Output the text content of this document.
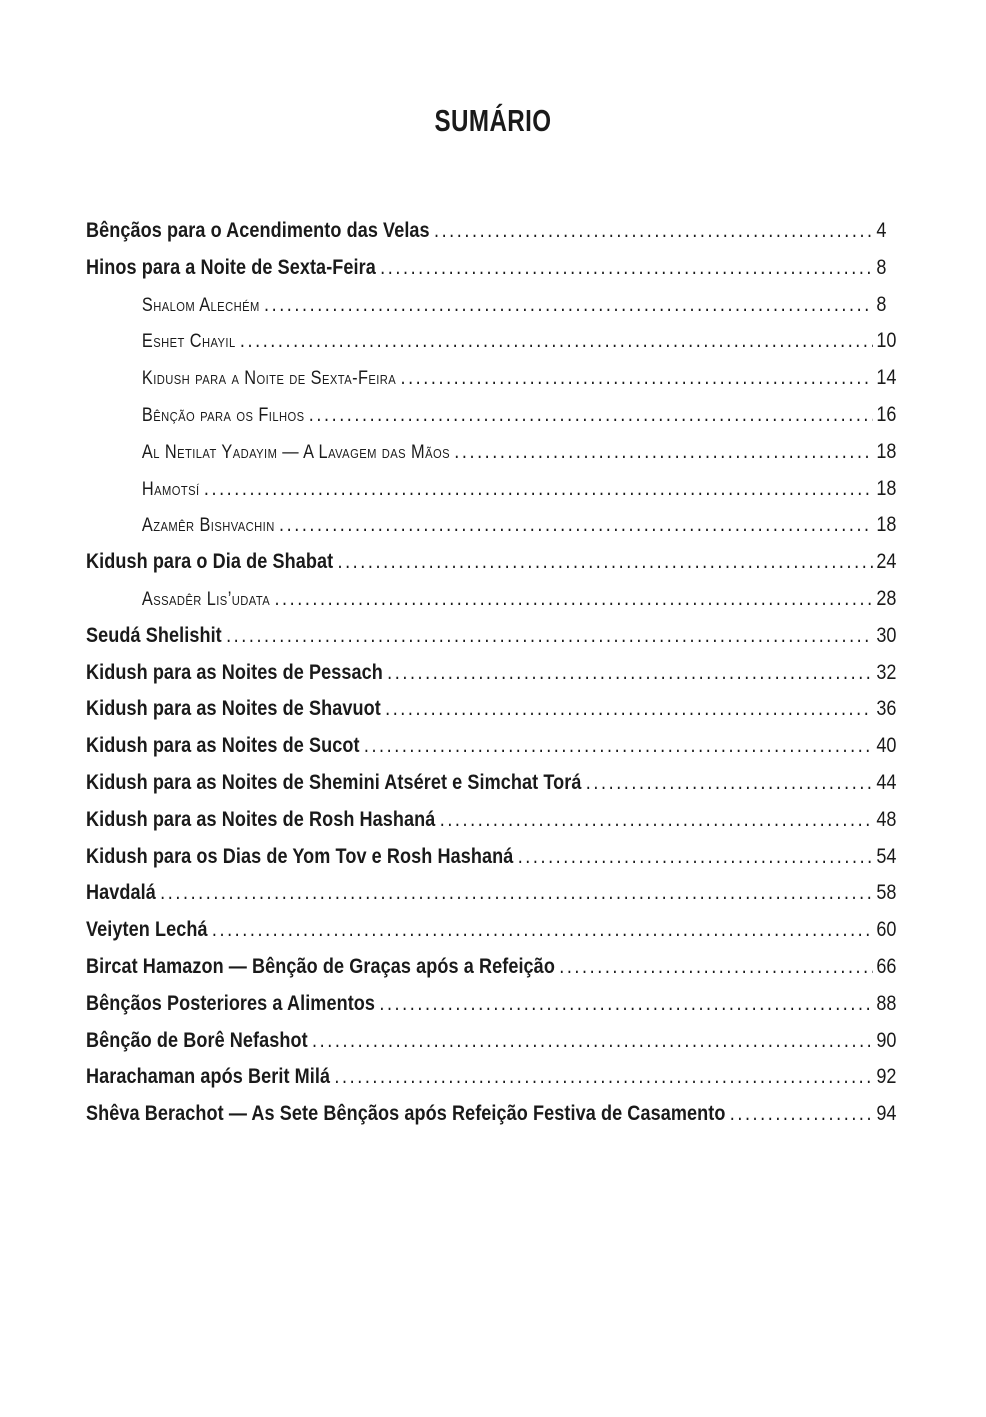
SUMÁRIO
Bênçãos para o Acendimento das Velas .....	4
Hinos para a Noite de Sexta-Feira .....	8
Shalom Alechém .....	8
Eshet Chayil .....	10
Kidush para a Noite de Sexta-Feira .....	14
Bênção para os Filhos .....	16
Al Netilat Yadayim — A Lavagem das Mãos .....	18
Hamotsí .....	18
Azamêr Bishvachin .....	18
Kidush para o Dia de Shabat .....	24
Assadêr Lis’udata .....	28
Seudá Shelishit .....	30
Kidush para as Noites de Pessach .....	32
Kidush para as Noites de Shavuot .....	36
Kidush para as Noites de Sucot .....	40
Kidush para as Noites de Shemini Atséret e Simchat Torá .....	44
Kidush para as Noites de Rosh Hashaná .....	48
Kidush para os Dias de Yom Tov e Rosh Hashaná .....	54
Havdalá .....	58
Veiyten Lechá .....	60
Bircat Hamazon — Bênção de Graças após a Refeição .....	66
Bênçãos Posteriores a Alimentos .....	88
Bênção de Borê Nefashot .....	90
Harachaman após Berit Milá .....	92
Shêva Berachot — As Sete Bênçãos após Refeição Festiva de Casamento .....	94
